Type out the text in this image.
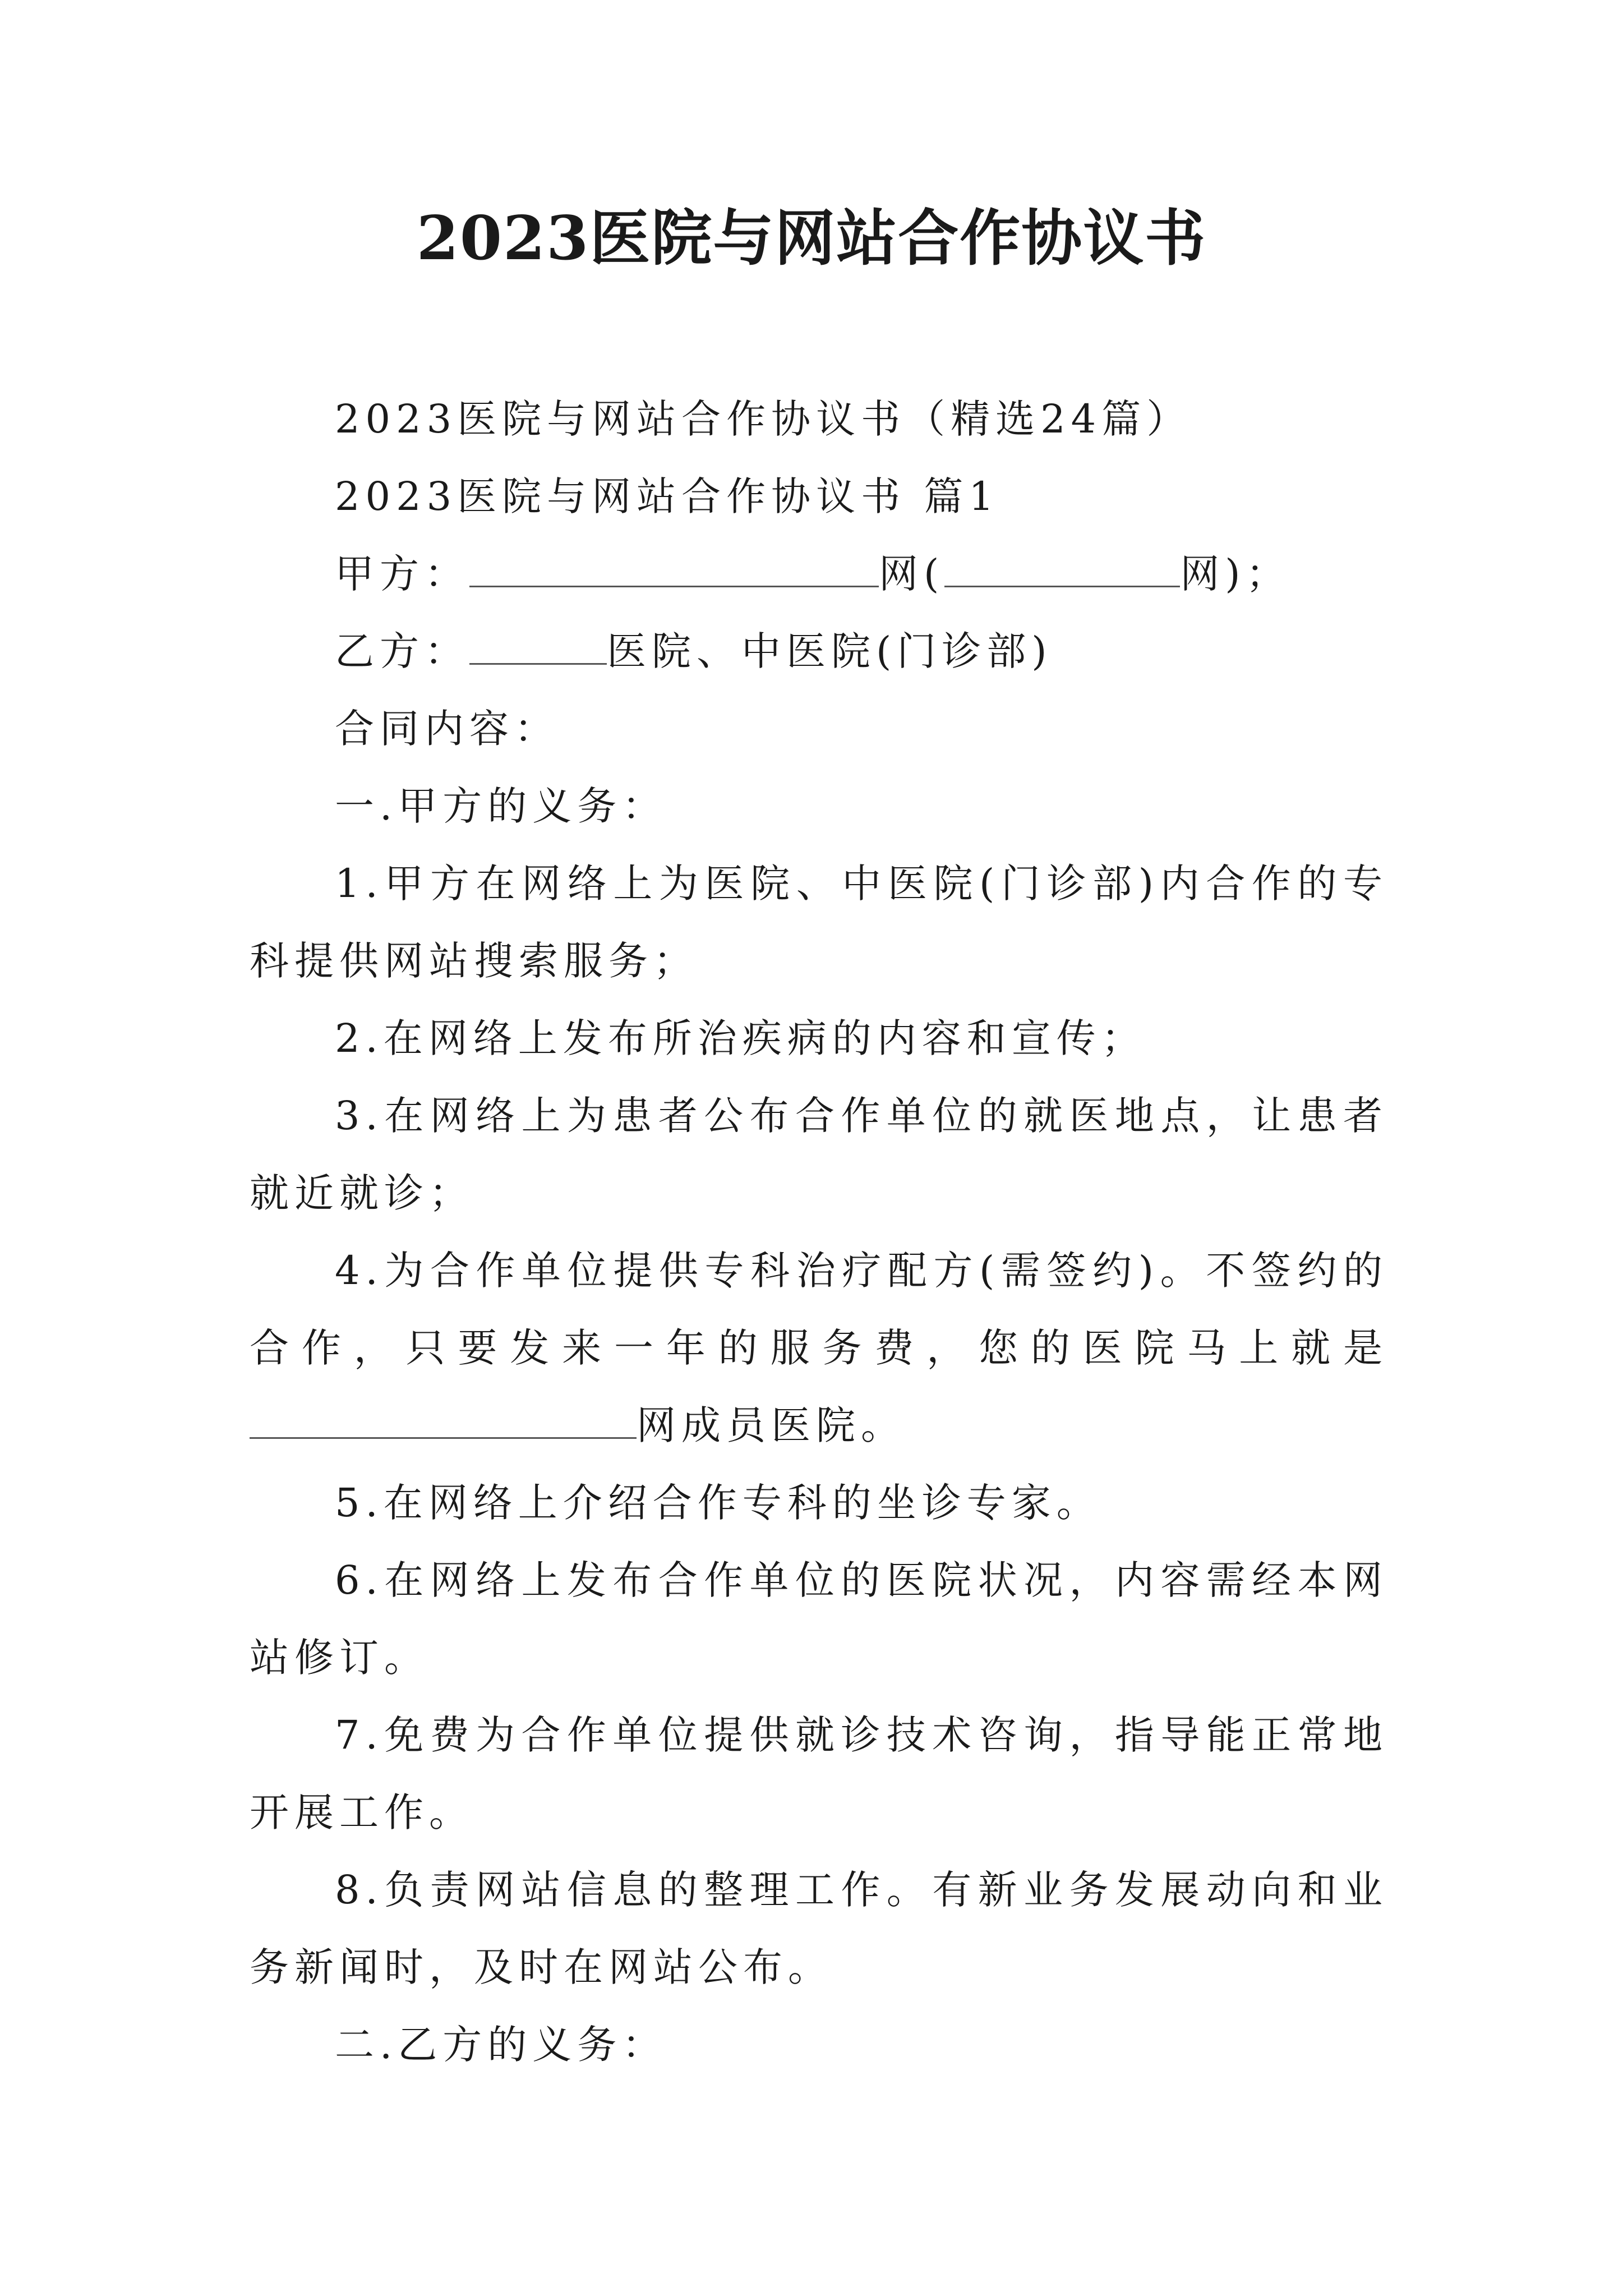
2023医院与网站合作协议书

2023医院与网站合作协议书（精选24篇）

2023医院与网站合作协议书 篇1

甲方：	网(	网)；

乙方：	医院、中医院(门诊部)

合同内容：

一.甲方的义务：

1.甲方在网络上为医院、中医院(门诊部)内合作的专科提供网站搜索服务；

2.在网络上发布所治疾病的内容和宣传；

3.在网络上为患者公布合作单位的就医地点，让患者就近就诊；

4.为合作单位提供专科治疗配方(需签约)。不签约的合作，只要发来一年的服务费，您的医院马上就是

网成员医院。

5.在网络上介绍合作专科的坐诊专家。

6.在网络上发布合作单位的医院状况，内容需经本网站修订。

7.免费为合作单位提供就诊技术咨询，指导能正常地开展工作。

8.负责网站信息的整理工作。有新业务发展动向和业务新闻时，及时在网站公布。

二.乙方的义务：
